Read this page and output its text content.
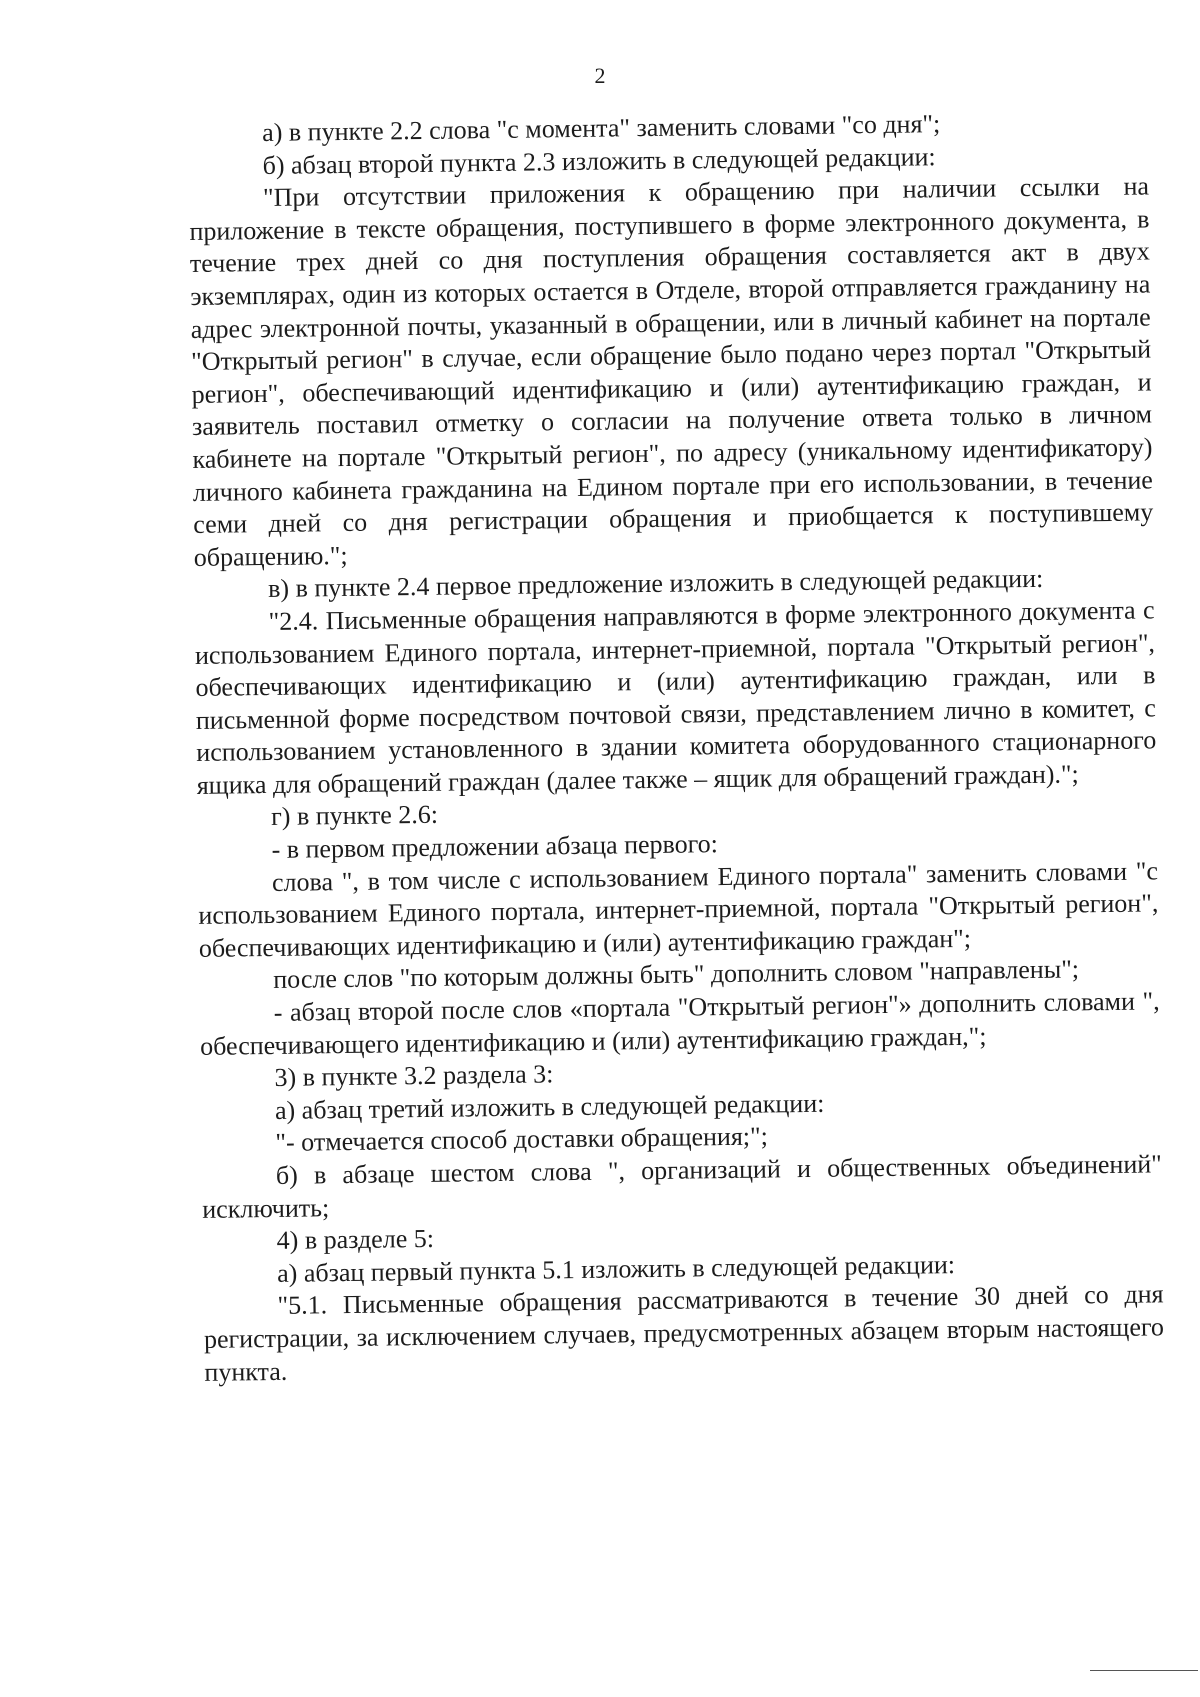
2

а) в пункте 2.2 слова "с момента" заменить словами "со дня";

б) абзац второй пункта 2.3 изложить в следующей редакции:

"При отсутствии приложения к обращению при наличии ссылки на приложение в тексте обращения, поступившего в форме электронного документа, в течение трех дней со дня поступления обращения составляется акт в двух экземплярах, один из которых остается в Отделе, второй отправляется гражданину на адрес электронной почты, указанный в обращении, или в личный кабинет на портале "Открытый регион" в случае, если обращение было подано через портал "Открытый регион", обеспечивающий идентификацию и (или) аутентификацию граждан, и заявитель поставил отметку о согласии на получение ответа только в личном кабинете на портале "Открытый регион", по адресу (уникальному идентификатору) личного кабинета гражданина на Едином портале при его использовании, в течение семи дней со дня регистрации обращения и приобщается к поступившему обращению.";

в) в пункте 2.4 первое предложение изложить в следующей редакции:

"2.4. Письменные обращения направляются в форме электронного документа с использованием Единого портала, интернет-приемной, портала "Открытый регион", обеспечивающих идентификацию и (или) аутентификацию граждан, или в письменной форме посредством почтовой связи, представлением лично в комитет, с использованием установленного в здании комитета оборудованного стационарного ящика для обращений граждан (далее также – ящик для обращений граждан).";

г) в пункте 2.6:

- в первом предложении абзаца первого:

слова ", в том числе с использованием Единого портала" заменить словами "с использованием Единого портала, интернет-приемной, портала "Открытый регион", обеспечивающих идентификацию и (или) аутентификацию граждан";

после слов "по которым должны быть" дополнить словом "направлены";

- абзац второй после слов «портала "Открытый регион"» дополнить словами ", обеспечивающего идентификацию и (или) аутентификацию граждан,";

3) в пункте 3.2 раздела 3:

а) абзац третий изложить в следующей редакции:

"- отмечается способ доставки обращения;";

б) в абзаце шестом слова ", организаций и общественных объединений" исключить;

4) в разделе 5:

а) абзац первый пункта 5.1 изложить в следующей редакции:

"5.1. Письменные обращения рассматриваются в течение 30 дней со дня регистрации, за исключением случаев, предусмотренных абзацем вторым настоящего пункта.
